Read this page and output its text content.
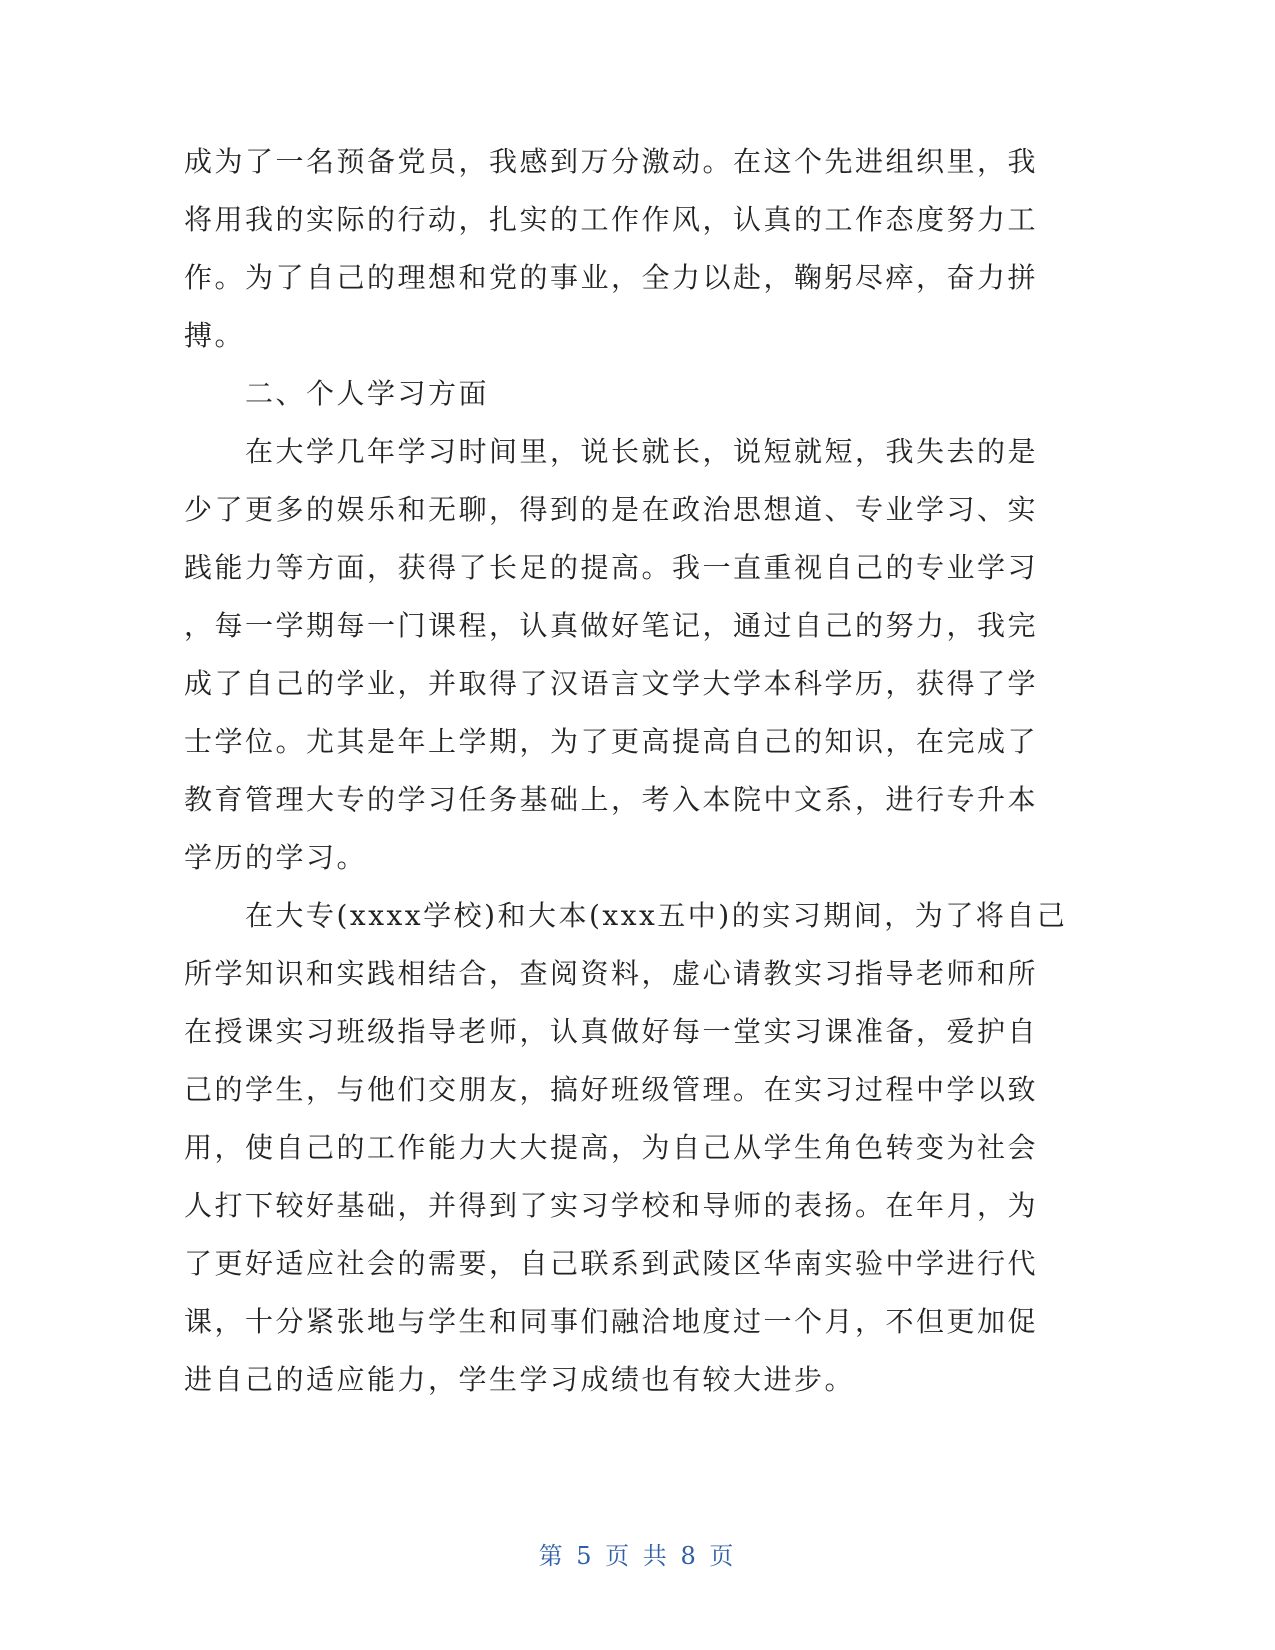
成为了一名预备党员，我感到万分激动。在这个先进组织里，我
将用我的实际的行动，扎实的工作作风，认真的工作态度努力工
作。为了自己的理想和党的事业，全力以赴，鞠躬尽瘁，奋力拼
搏。
二、个人学习方面
在大学几年学习时间里，说长就长，说短就短，我失去的是
少了更多的娱乐和无聊，得到的是在政治思想道、专业学习、实
践能力等方面，获得了长足的提高。我一直重视自己的专业学习
，每一学期每一门课程，认真做好笔记，通过自己的努力，我完
成了自己的学业，并取得了汉语言文学大学本科学历，获得了学
士学位。尤其是年上学期，为了更高提高自己的知识，在完成了
教育管理大专的学习任务基础上，考入本院中文系，进行专升本
学历的学习。
在大专(xxxx学校)和大本(xxx五中)的实习期间，为了将自己
所学知识和实践相结合，查阅资料，虚心请教实习指导老师和所
在授课实习班级指导老师，认真做好每一堂实习课准备，爱护自
己的学生，与他们交朋友，搞好班级管理。在实习过程中学以致
用，使自己的工作能力大大提高，为自己从学生角色转变为社会
人打下较好基础，并得到了实习学校和导师的表扬。在年月，为
了更好适应社会的需要，自己联系到武陵区华南实验中学进行代
课，十分紧张地与学生和同事们融洽地度过一个月，不但更加促
进自己的适应能力，学生学习成绩也有较大进步。
第 5 页 共 8 页
